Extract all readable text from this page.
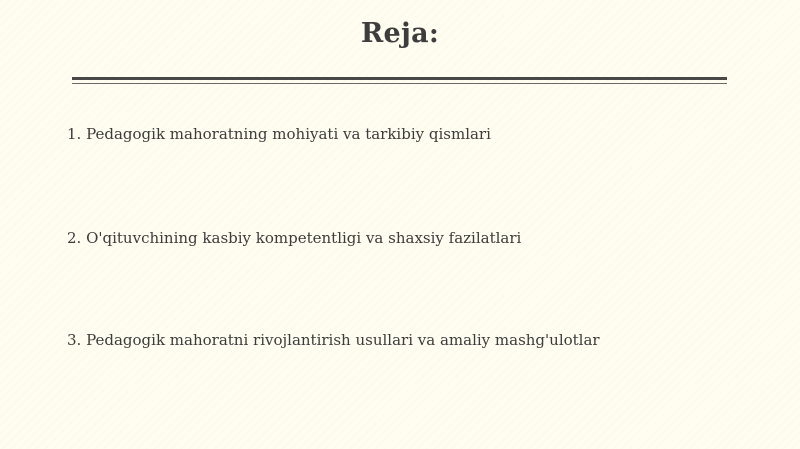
Reja:
1. Pedagogik mahoratning mohiyati va tarkibiy qismlari
2. O'qituvchining kasbiy kompetentligi va shaxsiy fazilatlari
3. Pedagogik mahoratni rivojlantirish usullari va amaliy mashg'ulotlar
